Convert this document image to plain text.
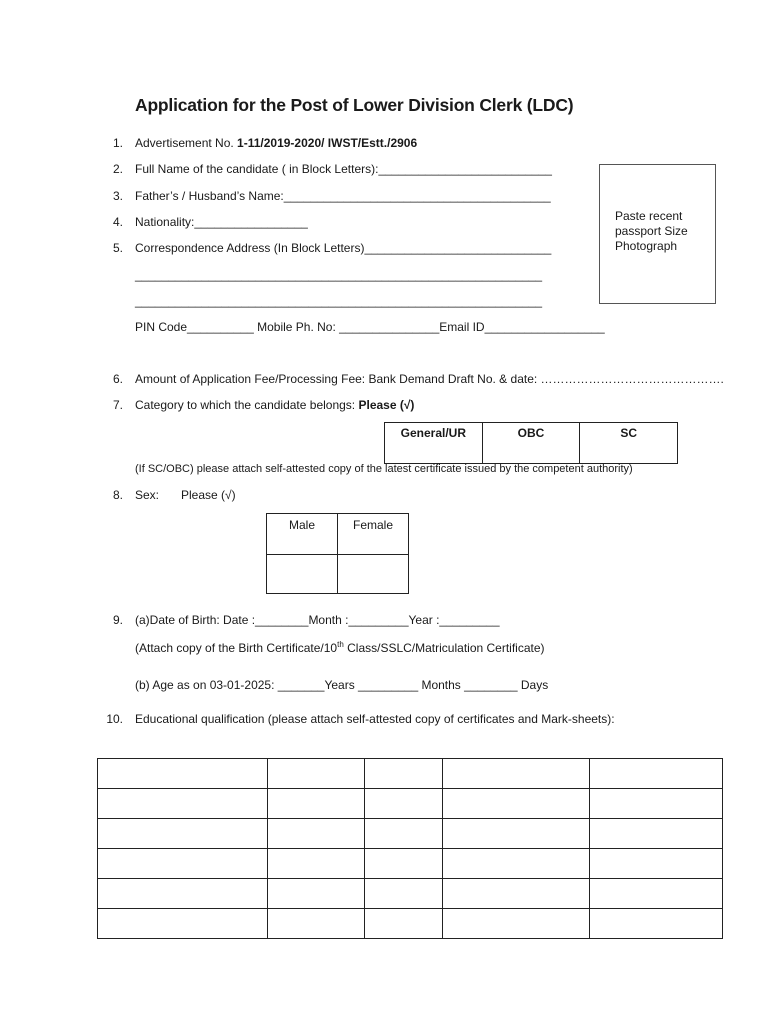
Application for the Post of Lower Division Clerk (LDC)
1. Advertisement No. 1-11/2019-2020/ IWST/Estt./2906
2. Full Name of the candidate ( in Block Letters):__________________________
3. Father’s / Husband’s Name:________________________________________
4. Nationality:_________________
5. Correspondence Address (In Block Letters)____________________________
_____________________________________________________________
_____________________________________________________________
PIN Code__________ Mobile Ph. No: _______________Email ID__________________
Paste recent passport Size Photograph
6. Amount of Application Fee/Processing Fee: Bank Demand Draft No. & date: ……………………………………….
7. Category to which the candidate belongs: Please (√)
General/UR	OBC	SC
(If SC/OBC) please attach self-attested copy of the latest certificate issued by the competent authority)
8. Sex: Please (√)
Male	Female

9. (a)Date of Birth: Date :________Month :_________Year :_________
(Attach copy of the Birth Certificate/10th Class/SSLC/Matriculation Certificate)
(b) Age as on 03-01-2025: _______Years _________ Months ________ Days
10. Educational qualification (please attach self-attested copy of certificates and Mark-sheets):
